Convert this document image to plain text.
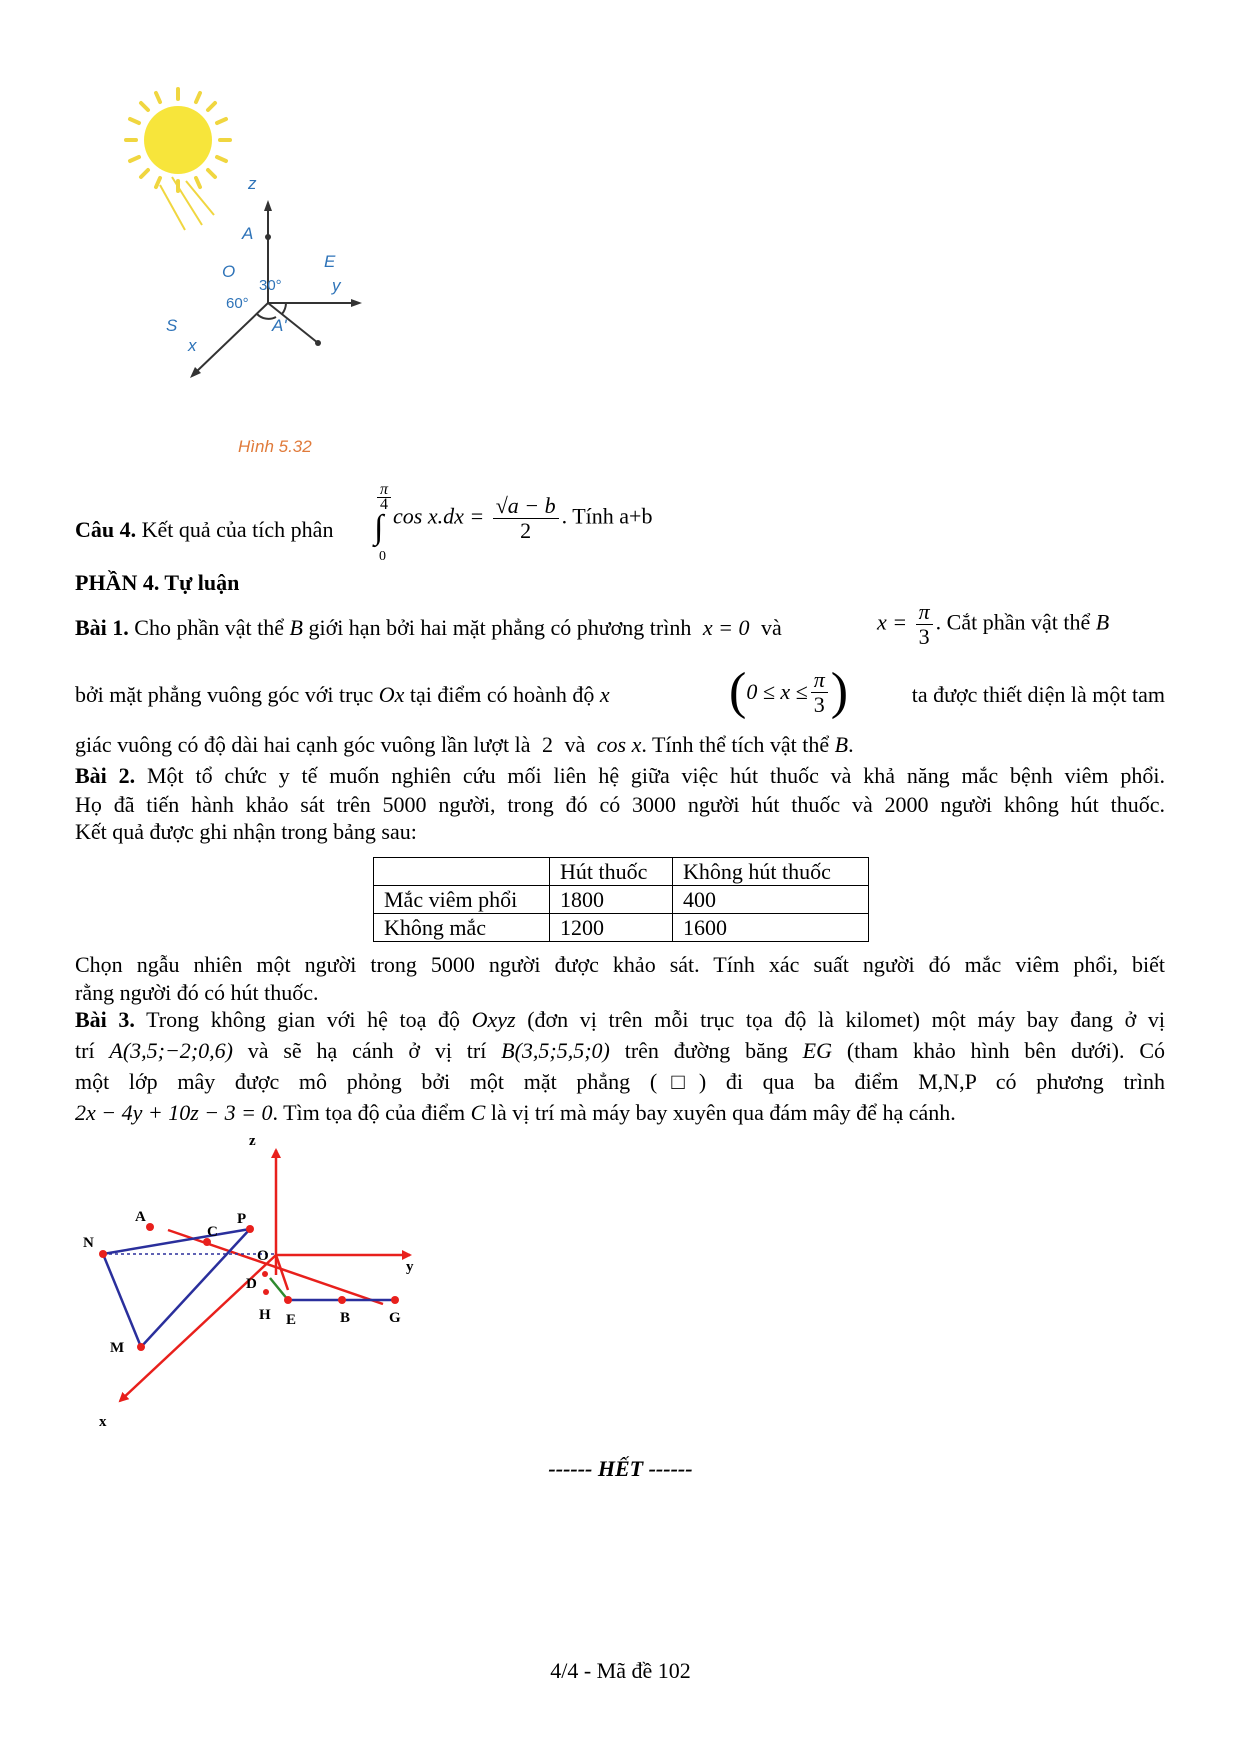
z
A
O
E
y
S
x
A'
30°
60°
Hình 5.32
Câu 4. Kết quả của tích phân
$\frac{\pi}{4}$
∫
0
$\cos x.dx = \frac{√a - b}{2}$ . Tính a+b
PHẦN 4. Tự luận
Bài 1. Cho phần vật thể B giới hạn bởi hai mặt phẳng có phương trình x = 0 và	$x = \frac{\pi}{3}$ . Cắt phần vật thể B
bởi mặt phẳng vuông góc với trục Ox tại điểm có hoành độ x ($0 \le x \le \frac{\pi}{3}$ )	ta được thiết diện là một tam
giác vuông có độ dài hai cạnh góc vuông lần lượt là 2 và cos x. Tính thể tích vật thể B.
Bài 2. Một tổ chức y tế muốn nghiên cứu mối liên hệ giữa việc hút thuốc và khả năng mắc bệnh viêm phổi.
Họ đã tiến hành khảo sát trên 5000 người, trong đó có 3000 người hút thuốc và 2000 người không hút thuốc.
Kết quả được ghi nhận trong bảng sau:
	Hút thuốc	Không hút thuốc
Mắc viêm phổi	1800	400
Không mắc	1200	1600
Chọn ngẫu nhiên một người trong 5000 người được khảo sát. Tính xác suất người đó mắc viêm phổi, biết
rằng người đó có hút thuốc.
Bài 3. Trong không gian với hệ toạ độ Oxyz (đơn vị trên mỗi trục tọa độ là kilomet) một máy bay đang ở vị
trí A(3,5;−2;0,6) và sẽ hạ cánh ở vị trí B(3,5;5,5;0) trên đường băng EG (tham khảo hình bên dưới). Có
một lớp mây được mô phỏng bởi một mặt phẳng (□) đi qua ba điểm M,N,P có phương trình
2x − 4y + 10z − 3 = 0. Tìm tọa độ của điểm C là vị trí mà máy bay xuyên qua đám mây để hạ cánh.
z
A	P
N
C
O
y
D
H E	B	G
M
x
------ HẾT ------
4/4 - Mã đề 102
